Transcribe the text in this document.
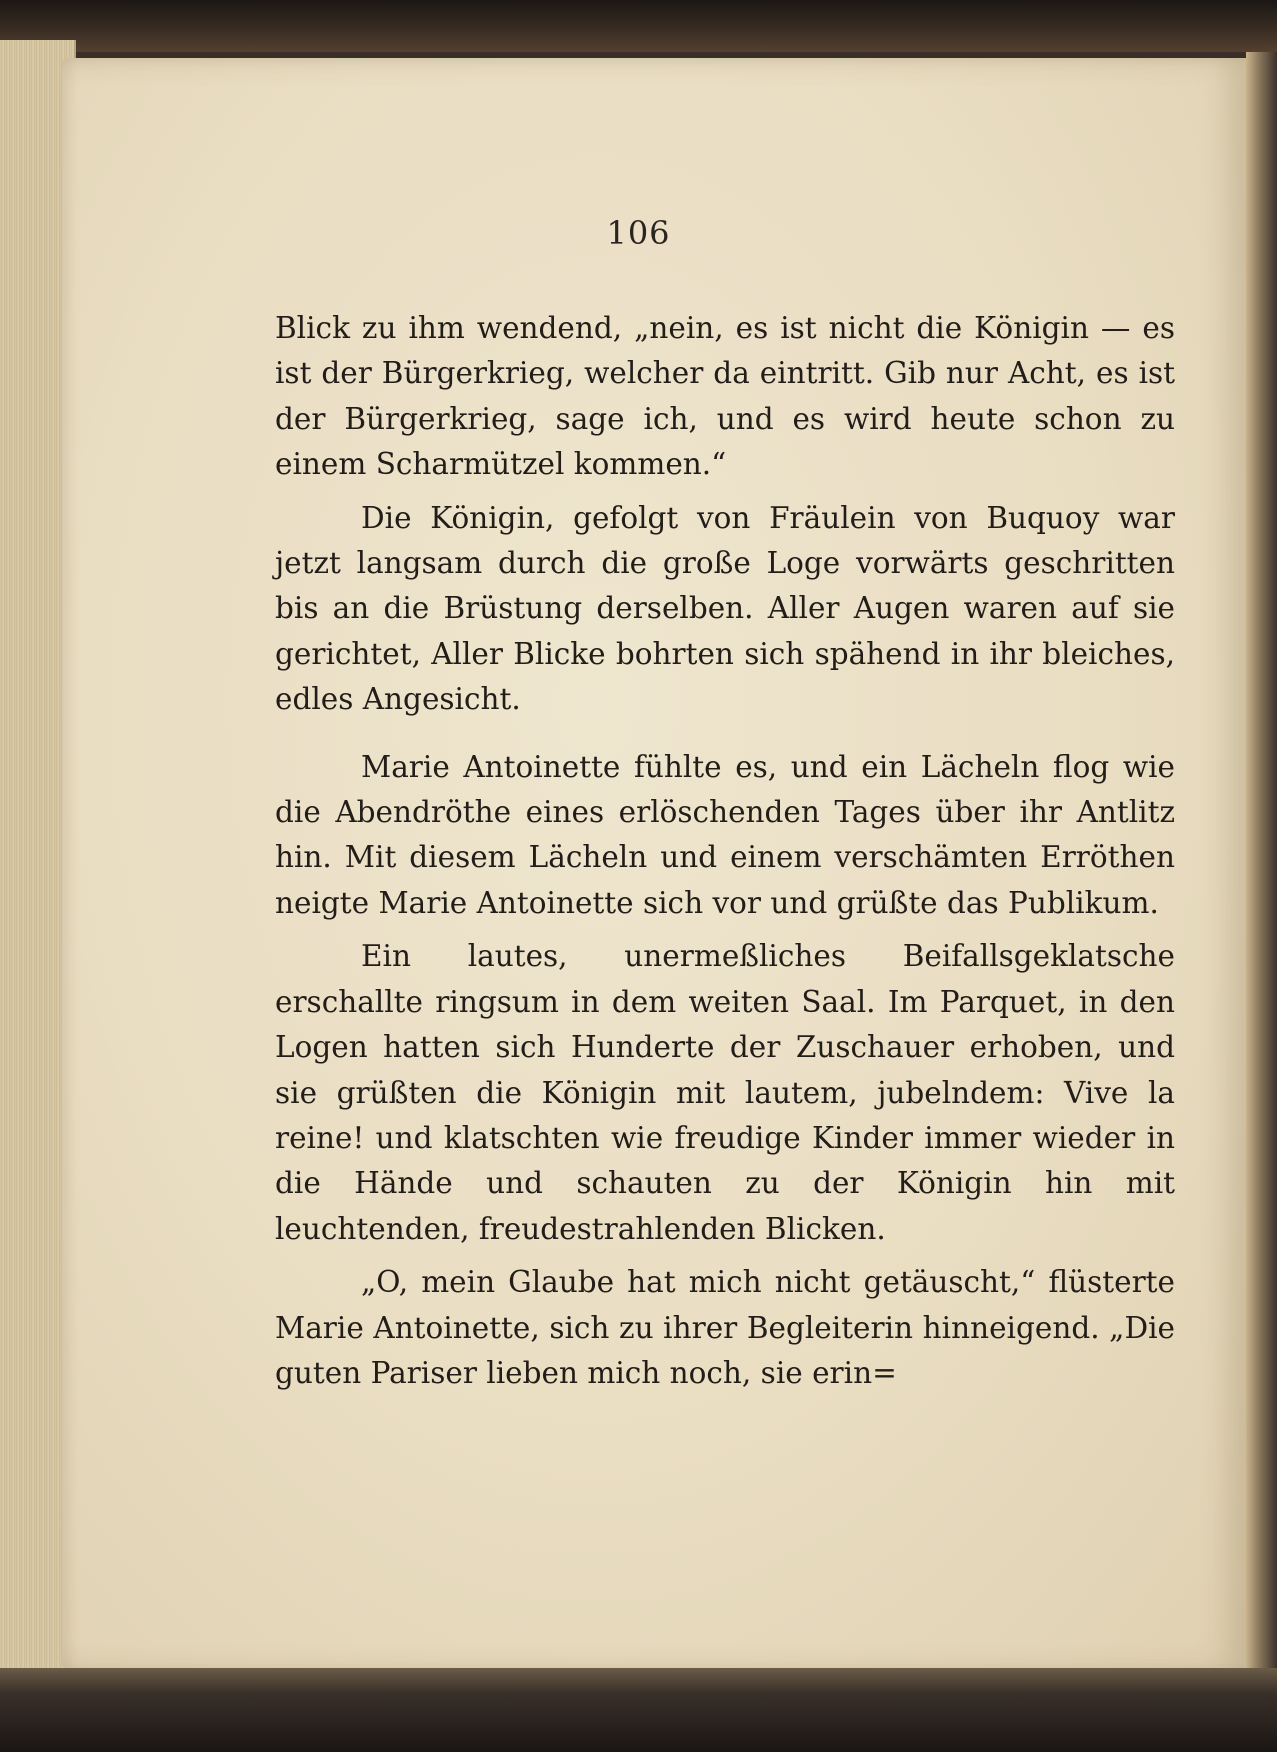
106

Blick zu ihm wendend, „nein, es ist nicht die Königin — es ist der Bürgerkrieg, welcher da eintritt. Gib nur Acht, es ist der Bürgerkrieg, sage ich, und es wird heute schon zu einem Scharmützel kommen.“

Die Königin, gefolgt von Fräulein von Buquoy war jetzt langsam durch die große Loge vorwärts geschritten bis an die Brüstung derselben. Aller Augen waren auf sie gerichtet, Aller Blicke bohrten sich spähend in ihr bleiches, edles Angesicht.

Marie Antoinette fühlte es, und ein Lächeln flog wie die Abendröthe eines erlöschenden Tages über ihr Antlitz hin. Mit diesem Lächeln und einem verschämten Erröthen neigte Marie Antoinette sich vor und grüßte das Publikum.

Ein lautes, unermeßliches Beifallsgeklatsche erschallte ringsum in dem weiten Saal. Im Parquet, in den Logen hatten sich Hunderte der Zuschauer erhoben, und sie grüßten die Königin mit lautem, jubelndem: Vive la reine! und klatschten wie freudige Kinder immer wieder in die Hände und schauten zu der Königin hin mit leuchtenden, freudestrahlenden Blicken.

„O, mein Glaube hat mich nicht getäuscht,“ flüsterte Marie Antoinette, sich zu ihrer Begleiterin hinneigend. „Die guten Pariser lieben mich noch, sie erin=
